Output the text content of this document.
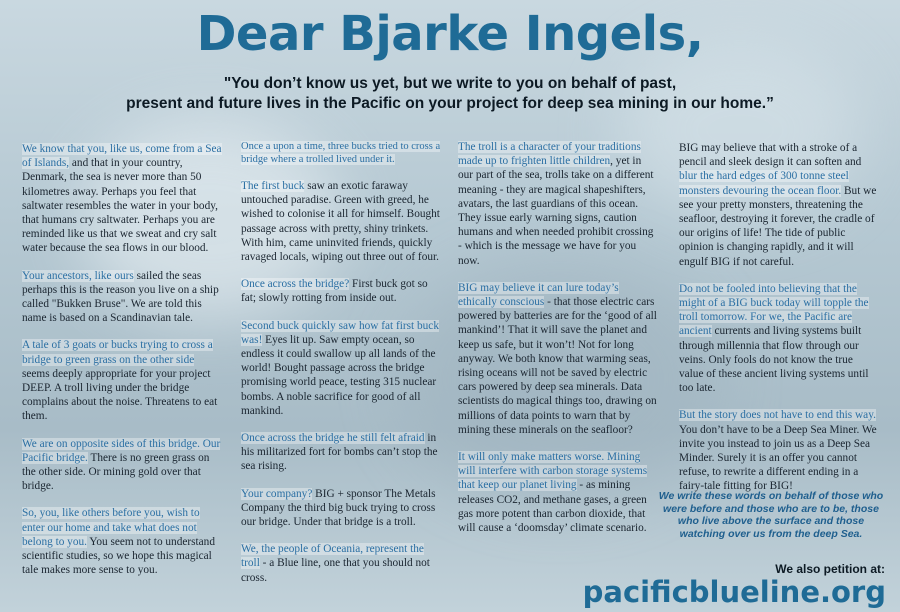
Dear Bjarke Ingels,
"You don’t know us yet, but we write to you on behalf of past,
present and future lives in the Pacific on your project for deep sea mining in our home.”

We know that you, like us, come from a Sea of Islands, and that in your country, Denmark, the sea is never more than 50 kilometres away. Perhaps you feel that saltwater resembles the water in your body, that humans cry saltwater. Perhaps you are reminded like us that we sweat and cry salt water because the sea flows in our blood.

Your ancestors, like ours sailed the seas perhaps this is the reason you live on a ship called "Bukken Bruse". We are told this name is based on a Scandinavian tale.

A tale of 3 goats or bucks trying to cross a bridge to green grass on the other side seems deeply appropriate for your project DEEP. A troll living under the bridge complains about the noise. Threatens to eat them.

We are on opposite sides of this bridge. Our Pacific bridge. There is no green grass on the other side. Or mining gold over that bridge.

So, you, like others before you, wish to enter our home and take what does not belong to you. You seem not to understand scientific studies, so we hope this magical tale makes more sense to you.

Once a upon a time, three bucks tried to cross a bridge where a trolled lived under it.

The first buck saw an exotic faraway untouched paradise. Green with greed, he wished to colonise it all for himself. Bought passage across with pretty, shiny trinkets. With him, came uninvited friends, quickly ravaged locals, wiping out three out of four.

Once across the bridge? First buck got so fat; slowly rotting from inside out.

Second buck quickly saw how fat first buck was! Eyes lit up. Saw empty ocean, so endless it could swallow up all lands of the world! Bought passage across the bridge promising world peace, testing 315 nuclear bombs. A noble sacrifice for good of all mankind.

Once across the bridge he still felt afraid in his militarized fort for bombs can’t stop the sea rising.

Your company? BIG + sponsor The Metals Company the third big buck trying to cross our bridge. Under that bridge is a troll.

We, the people of Oceania, represent the troll - a Blue line, one that you should not cross.

The troll is a character of your traditions made up to frighten little children, yet in our part of the sea, trolls take on a different meaning - they are magical shapeshifters, avatars, the last guardians of this ocean. They issue early warning signs, caution humans and when needed prohibit crossing - which is the message we have for you now.

BIG may believe it can lure today’s ethically conscious - that those electric cars powered by batteries are for the ‘good of all mankind’! That it will save the planet and keep us safe, but it won’t! Not for long anyway. We both know that warming seas, rising oceans will not be saved by electric cars powered by deep sea minerals. Data scientists do magical things too, drawing on millions of data points to warn that by mining these minerals on the seafloor?

It will only make matters worse. Mining will interfere with carbon storage systems that keep our planet living - as mining releases CO2, and methane gases, a green gas more potent than carbon dioxide, that will cause a ‘doomsday’ climate scenario.

BIG may believe that with a stroke of a pencil and sleek design it can soften and blur the hard edges of 300 tonne steel monsters devouring the ocean floor. But we see your pretty monsters, threatening the seafloor, destroying it forever, the cradle of our origins of life! The tide of public opinion is changing rapidly, and it will engulf BIG if not careful.

Do not be fooled into believing that the might of a BIG buck today will topple the troll tomorrow. For we, the Pacific are ancient currents and living systems built through millennia that flow through our veins. Only fools do not know the true value of these ancient living systems until too late.

But the story does not have to end this way. You don’t have to be a Deep Sea Miner. We invite you instead to join us as a Deep Sea Minder. Surely it is an offer you cannot refuse, to rewrite a different ending in a fairy-tale fitting for BIG!

We write these words on behalf of those who were before and those who are to be, those who live above the surface and those watching over us from the deep Sea.
We also petition at:
pacificblueline.org
